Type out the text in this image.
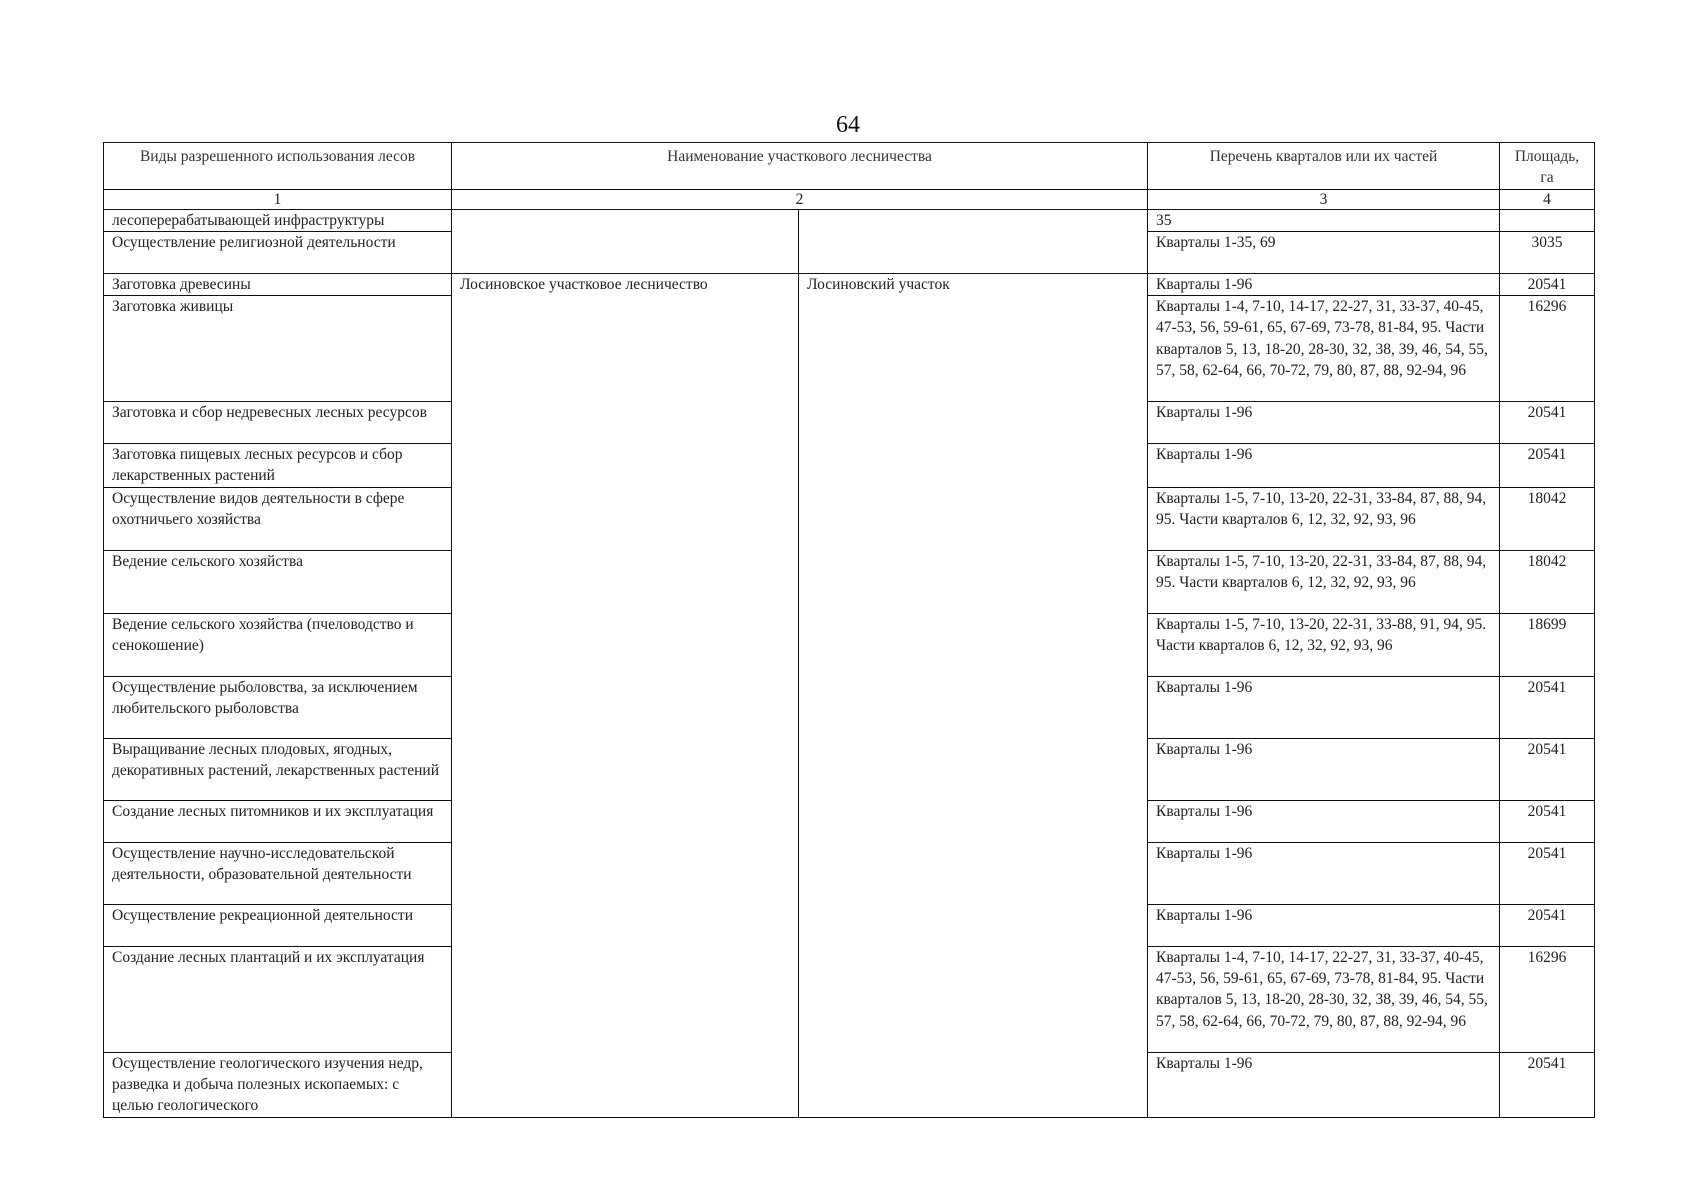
64
Виды разрешенного использования лесов	Наименование участкового лесничества		Перечень кварталов или их частей	Площадь, га
1	2		3	4
лесоперерабатывающей инфраструктуры			35	
Осуществление религиозной деятельности			Кварталы 1-35, 69	3035
Заготовка древесины	Лосиновское участковое лесничество	Лосиновский участок	Кварталы 1-96	20541
Заготовка живицы			Кварталы 1-4, 7-10, 14-17, 22-27, 31, 33-37, 40-45, 47-53, 56, 59-61, 65, 67-69, 73-78, 81-84, 95. Части кварталов 5, 13, 18-20, 28-30, 32, 38, 39, 46, 54, 55, 57, 58, 62-64, 66, 70-72, 79, 80, 87, 88, 92-94, 96	16296
Заготовка и сбор недревесных лесных ресурсов			Кварталы 1-96	20541
Заготовка пищевых лесных ресурсов и сбор лекарственных растений			Кварталы 1-96	20541
Осуществление видов деятельности в сфере охотничьего хозяйства			Кварталы 1-5, 7-10, 13-20, 22-31, 33-84, 87, 88, 94, 95. Части кварталов 6, 12, 32, 92, 93, 96	18042
Ведение сельского хозяйства			Кварталы 1-5, 7-10, 13-20, 22-31, 33-84, 87, 88, 94, 95. Части кварталов 6, 12, 32, 92, 93, 96	18042
Ведение сельского хозяйства (пчеловодство и сенокошение)			Кварталы 1-5, 7-10, 13-20, 22-31, 33-88, 91, 94, 95. Части кварталов 6, 12, 32, 92, 93, 96	18699
Осуществление рыболовства, за исключением любительского рыболовства			Кварталы 1-96	20541
Выращивание лесных плодовых, ягодных, декоративных растений, лекарственных растений			Кварталы 1-96	20541
Создание лесных питомников и их эксплуатация			Кварталы 1-96	20541
Осуществление научно-исследовательской деятельности, образовательной деятельности			Кварталы 1-96	20541
Осуществление рекреационной деятельности			Кварталы 1-96	20541
Создание лесных плантаций и их эксплуатация			Кварталы 1-4, 7-10, 14-17, 22-27, 31, 33-37, 40-45, 47-53, 56, 59-61, 65, 67-69, 73-78, 81-84, 95. Части кварталов 5, 13, 18-20, 28-30, 32, 38, 39, 46, 54, 55, 57, 58, 62-64, 66, 70-72, 79, 80, 87, 88, 92-94, 96	16296
Осуществление геологического изучения недр, разведка и добыча полезных ископаемых: с целью геологического			Кварталы 1-96	20541
